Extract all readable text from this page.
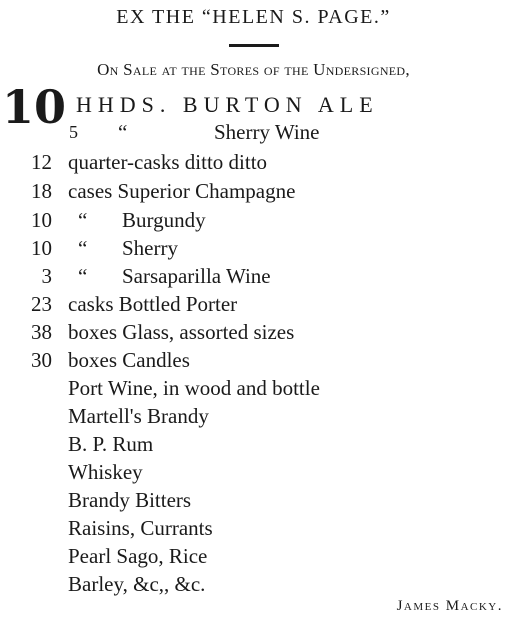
EX THE “HELEN S. PAGE.”
On Sale at the Stores of the Undersigned,
10 HHDS. BURTON ALE
5 “	Sherry Wine
12 quarter-casks ditto ditto
18 cases Superior Champagne
10 “ Burgundy
10 “ Sherry
3 “ Sarsaparilla Wine
23 casks Bottled Porter
38 boxes Glass, assorted sizes
30 boxes Candles
Port Wine, in wood and bottle
Martell's Brandy
B. P. Rum
Whiskey
Brandy Bitters
Raisins, Currants
Pearl Sago, Rice
Barley, &c,, &c.
James Macky.
